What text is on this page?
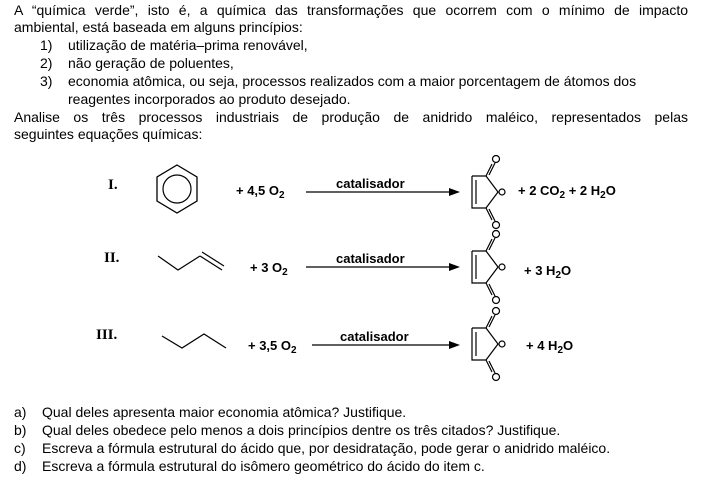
A “química verde”, isto é, a química das transformações que ocorrem com o mínimo de impacto
ambiental, está baseada em alguns princípios:
1) utilização de matéria–prima renovável,
2) não geração de poluentes,
3) economia atômica, ou seja, processos realizados com a maior porcentagem de átomos dos
reagentes incorporados ao produto desejado.
Analise os três processos industriais de produção de anidrido maléico, representados pelas
seguintes equações químicas:
I.	+ 4,5 $O_2$
catalisador	+ 2 $CO_2 + 2$ $H_2O$
II.
+ 3 $O_2$
catalisador
+ 3 $H_2O$
III.
+ 3,5 $O_2$
catalisador
+ 4 $H_2O$
a) Qual deles apresenta maior economia atômica? Justifique.
b) Qual deles obedece pelo menos a dois princípios dentre os três citados? Justifique.
c) Escreva a fórmula estrutural do ácido que, por desidratação, pode gerar o anidrido maléico.
d) Escreva a fórmula estrutural do isômero geométrico do ácido do item c.
